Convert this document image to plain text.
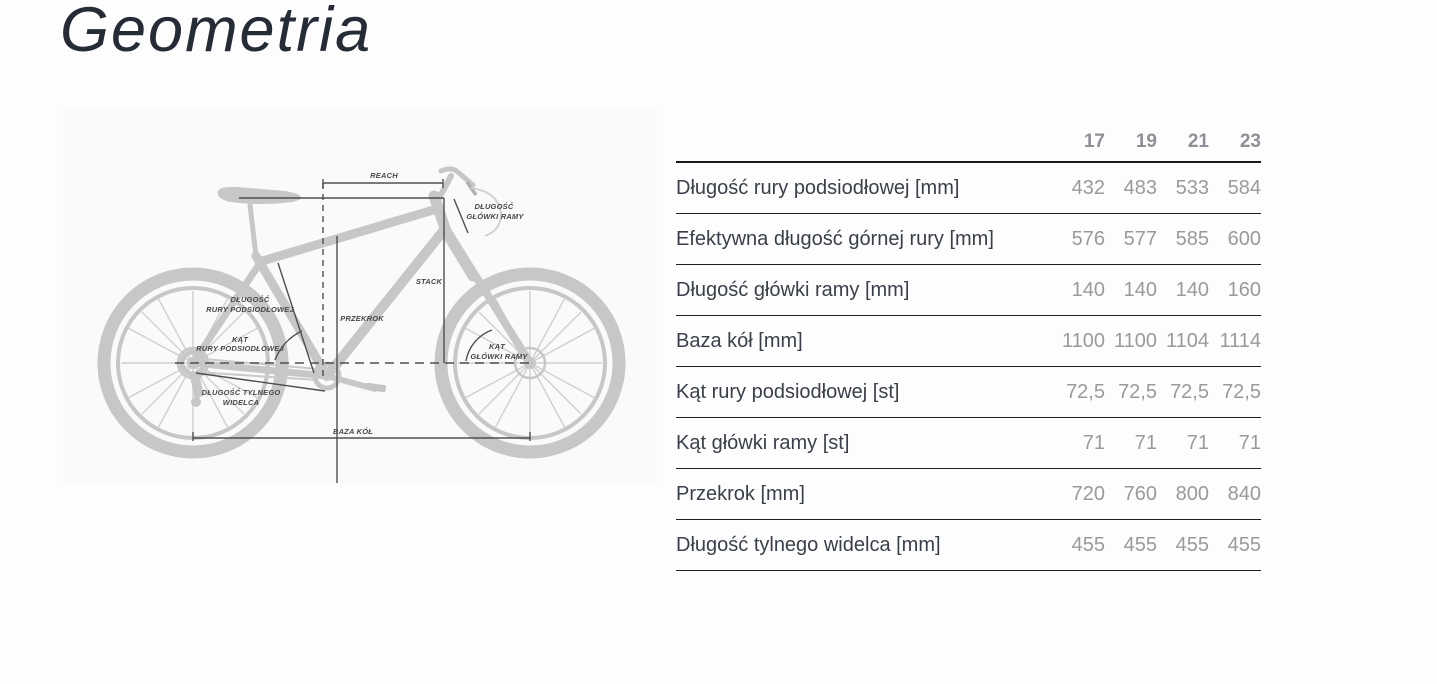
Geometria
REACH
STACK
PRZEKROK
DŁUGOŚĆ
GŁÓWKI RAMY
KĄT
GŁÓWKI RAMY
DŁUGOŚĆ
RURY PODSIODŁOWEJ
KĄT
RURY PODSIODŁOWEJ
DŁUGOŚĆ TYLNEGO
WIDELCA
BAZA KÓŁ
17	19	21	23
Długość rury podsiodłowej [mm]	432 483 533 584
Efektywna długość górnej rury [mm]	576 577 585 600
Długość główki ramy [mm]	140 140 140 160
Baza kół [mm]	1100 1100 1104 1114
Kąt rury podsiodłowej [st]	72,5 72,5 72,5 72,5
Kąt główki ramy [st]	71	71	71	71
Przekrok [mm]	720 760 800 840
Długość tylnego widelca [mm]	455 455 455 455
